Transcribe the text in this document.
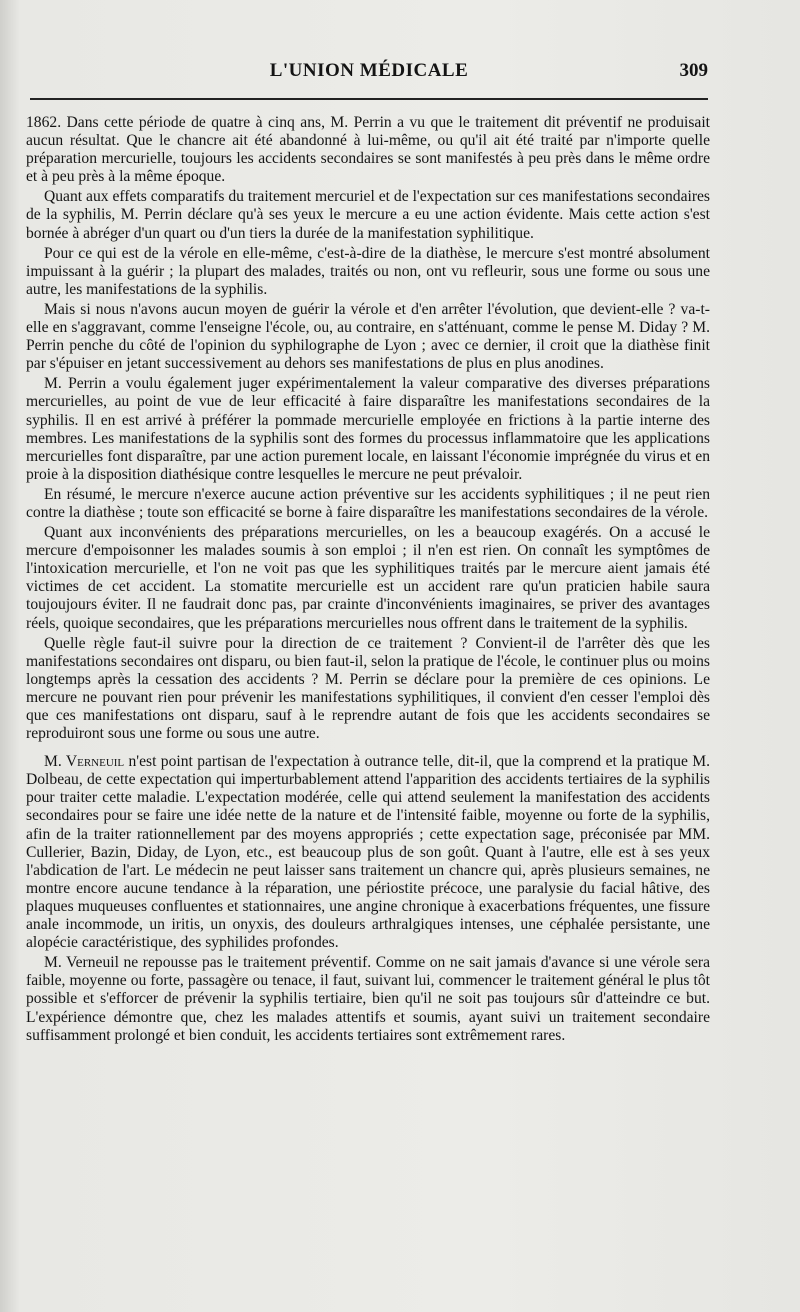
L'UNION MÉDICALE	309

1862. Dans cette période de quatre à cinq ans, M. Perrin a vu que le traitement dit préventif ne produisait aucun résultat. Que le chancre ait été abandonné à lui-même, ou qu'il ait été traité par n'importe quelle préparation mercurielle, toujours les accidents secondaires se sont manifestés à peu près dans le même ordre et à peu près à la même époque.

Quant aux effets comparatifs du traitement mercuriel et de l'expectation sur ces manifestations secondaires de la syphilis, M. Perrin déclare qu'à ses yeux le mercure a eu une action évidente. Mais cette action s'est bornée à abréger d'un quart ou d'un tiers la durée de la manifestation syphilitique.

Pour ce qui est de la vérole en elle-même, c'est-à-dire de la diathèse, le mercure s'est montré absolument impuissant à la guérir ; la plupart des malades, traités ou non, ont vu refleurir, sous une forme ou sous une autre, les manifestations de la syphilis.

Mais si nous n'avons aucun moyen de guérir la vérole et d'en arrêter l'évolution, que devient-elle ? va-t-elle en s'aggravant, comme l'enseigne l'école, ou, au contraire, en s'atténuant, comme le pense M. Diday ? M. Perrin penche du côté de l'opinion du syphilographe de Lyon ; avec ce dernier, il croit que la diathèse finit par s'épuiser en jetant successivement au dehors ses manifestations de plus en plus anodines.

M. Perrin a voulu également juger expérimentalement la valeur comparative des diverses préparations mercurielles, au point de vue de leur efficacité à faire disparaître les manifestations secondaires de la syphilis. Il en est arrivé à préférer la pommade mercurielle employée en frictions à la partie interne des membres. Les manifestations de la syphilis sont des formes du processus inflammatoire que les applications mercurielles font disparaître, par une action purement locale, en laissant l'économie imprégnée du virus et en proie à la disposition diathésique contre lesquelles le mercure ne peut prévaloir.

En résumé, le mercure n'exerce aucune action préventive sur les accidents syphilitiques ; il ne peut rien contre la diathèse ; toute son efficacité se borne à faire disparaître les manifestations secondaires de la vérole.

Quant aux inconvénients des préparations mercurielles, on les a beaucoup exagérés. On a accusé le mercure d'empoisonner les malades soumis à son emploi ; il n'en est rien. On connaît les symptômes de l'intoxication mercurielle, et l'on ne voit pas que les syphilitiques traités par le mercure aient jamais été victimes de cet accident. La stomatite mercurielle est un accident rare qu'un praticien habile saura toujoujours éviter. Il ne faudrait donc pas, par crainte d'inconvénients imaginaires, se priver des avantages réels, quoique secondaires, que les préparations mercurielles nous offrent dans le traitement de la syphilis.

Quelle règle faut-il suivre pour la direction de ce traitement ? Convient-il de l'arrêter dès que les manifestations secondaires ont disparu, ou bien faut-il, selon la pratique de l'école, le continuer plus ou moins longtemps après la cessation des accidents ? M. Perrin se déclare pour la première de ces opinions. Le mercure ne pouvant rien pour prévenir les manifestations syphilitiques, il convient d'en cesser l'emploi dès que ces manifestations ont disparu, sauf à le reprendre autant de fois que les accidents secondaires se reproduiront sous une forme ou sous une autre.

M. Verneuil n'est point partisan de l'expectation à outrance telle, dit-il, que la comprend et la pratique M. Dolbeau, de cette expectation qui imperturbablement attend l'apparition des accidents tertiaires de la syphilis pour traiter cette maladie. L'expectation modérée, celle qui attend seulement la manifestation des accidents secondaires pour se faire une idée nette de la nature et de l'intensité faible, moyenne ou forte de la syphilis, afin de la traiter rationnellement par des moyens appropriés ; cette expectation sage, préconisée par MM. Cullerier, Bazin, Diday, de Lyon, etc., est beaucoup plus de son goût. Quant à l'autre, elle est à ses yeux l'abdication de l'art. Le médecin ne peut laisser sans traitement un chancre qui, après plusieurs semaines, ne montre encore aucune tendance à la réparation, une périostite précoce, une paralysie du facial hâtive, des plaques muqueuses confluentes et stationnaires, une angine chronique à exacerbations fréquentes, une fissure anale incommode, un iritis, un onyxis, des douleurs arthralgiques intenses, une céphalée persistante, une alopécie caractéristique, des syphilides profondes.

M. Verneuil ne repousse pas le traitement préventif. Comme on ne sait jamais d'avance si une vérole sera faible, moyenne ou forte, passagère ou tenace, il faut, suivant lui, commencer le traitement général le plus tôt possible et s'efforcer de prévenir la syphilis tertiaire, bien qu'il ne soit pas toujours sûr d'atteindre ce but. L'expérience démontre que, chez les malades attentifs et soumis, ayant suivi un traitement secondaire suffisamment prolongé et bien conduit, les accidents tertiaires sont extrêmement rares.
